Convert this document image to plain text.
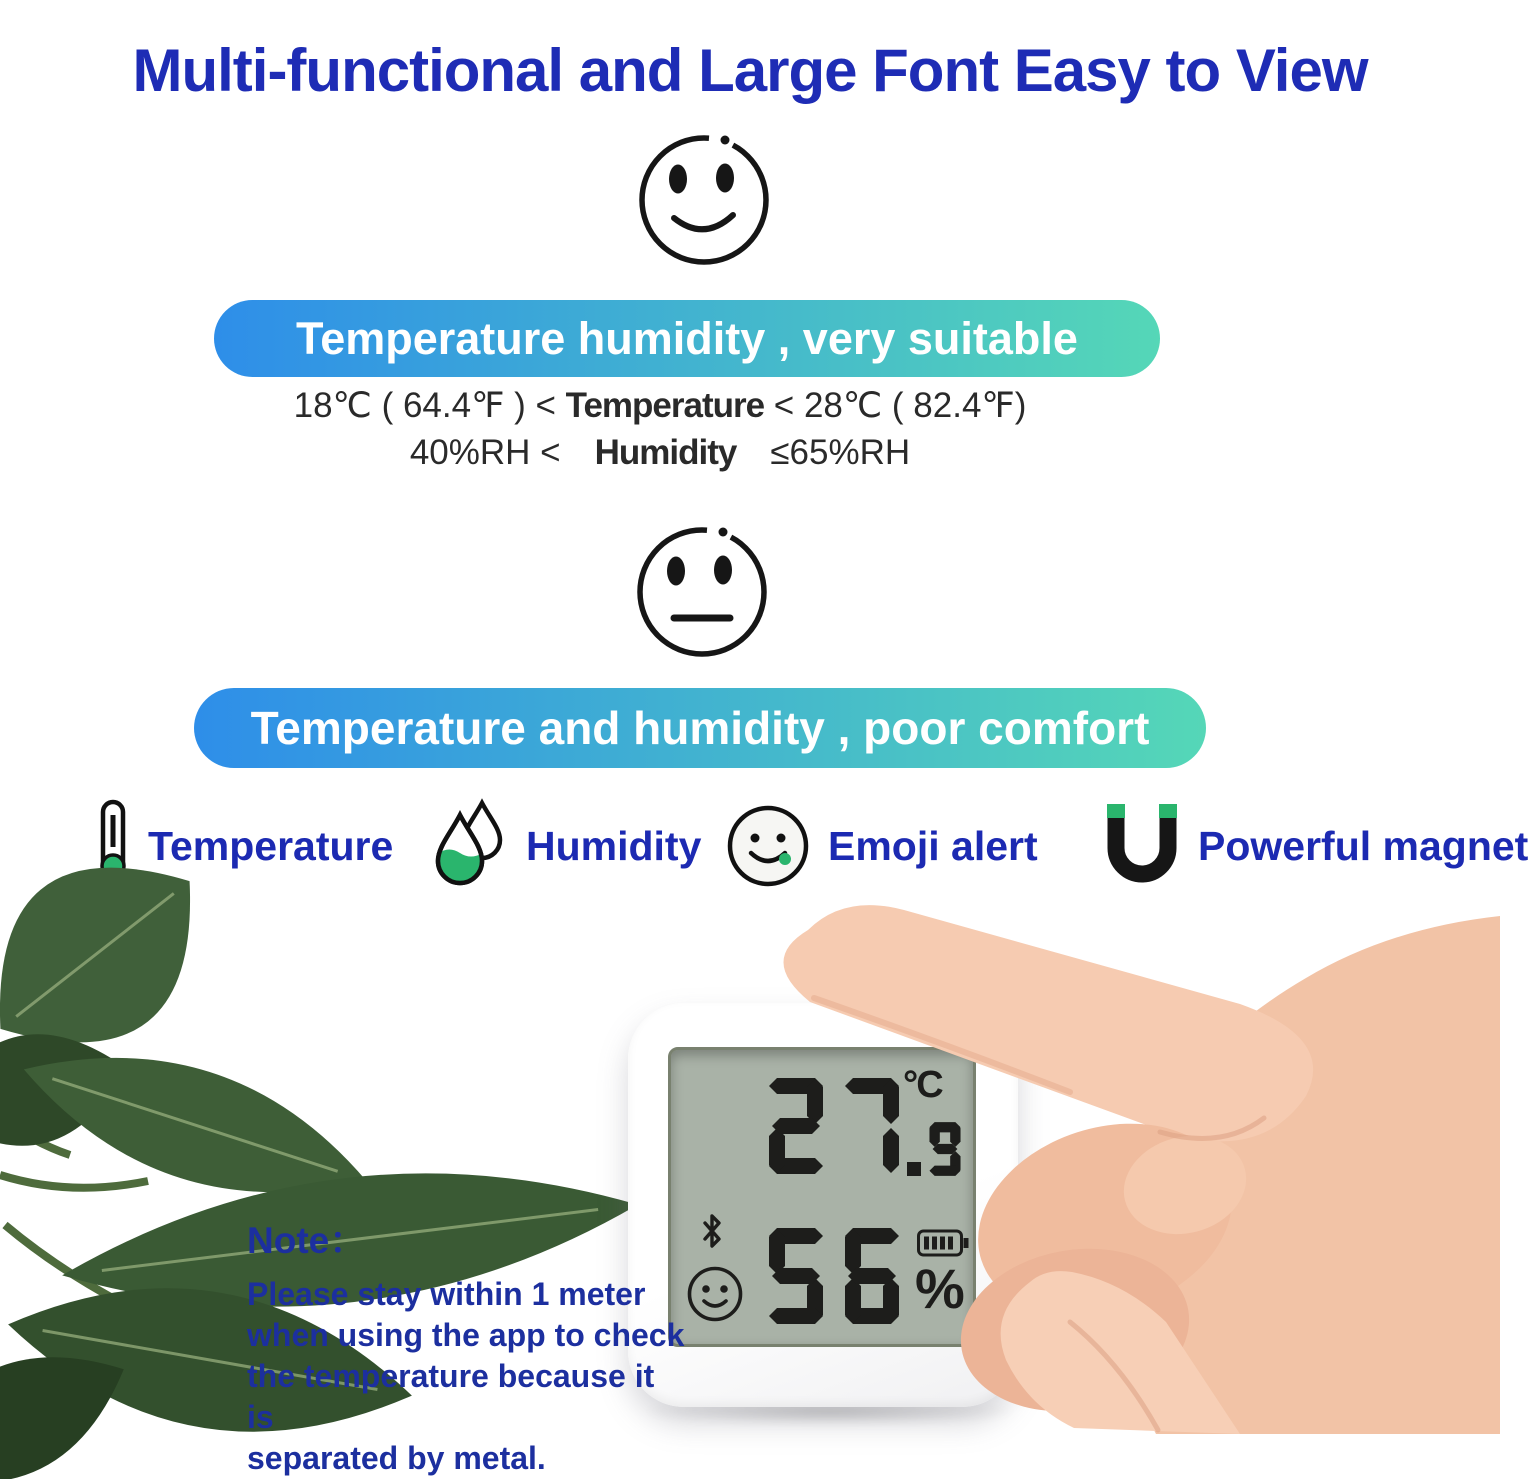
Multi-functional and Large Font Easy to View
Temperature humidity , very suitable
18℃ ( 64.4℉ ) < Temperature < 28℃ ( 82.4℉)
40%RH < Humidity ≤65%RH
Temperature and humidity , poor comfort
Temperature	Humidity	Emoji alert	Powerful magnet
Note：
Please stay within 1 meter
when using the app to check
the temperature because it is
separated by metal.
°C
%
